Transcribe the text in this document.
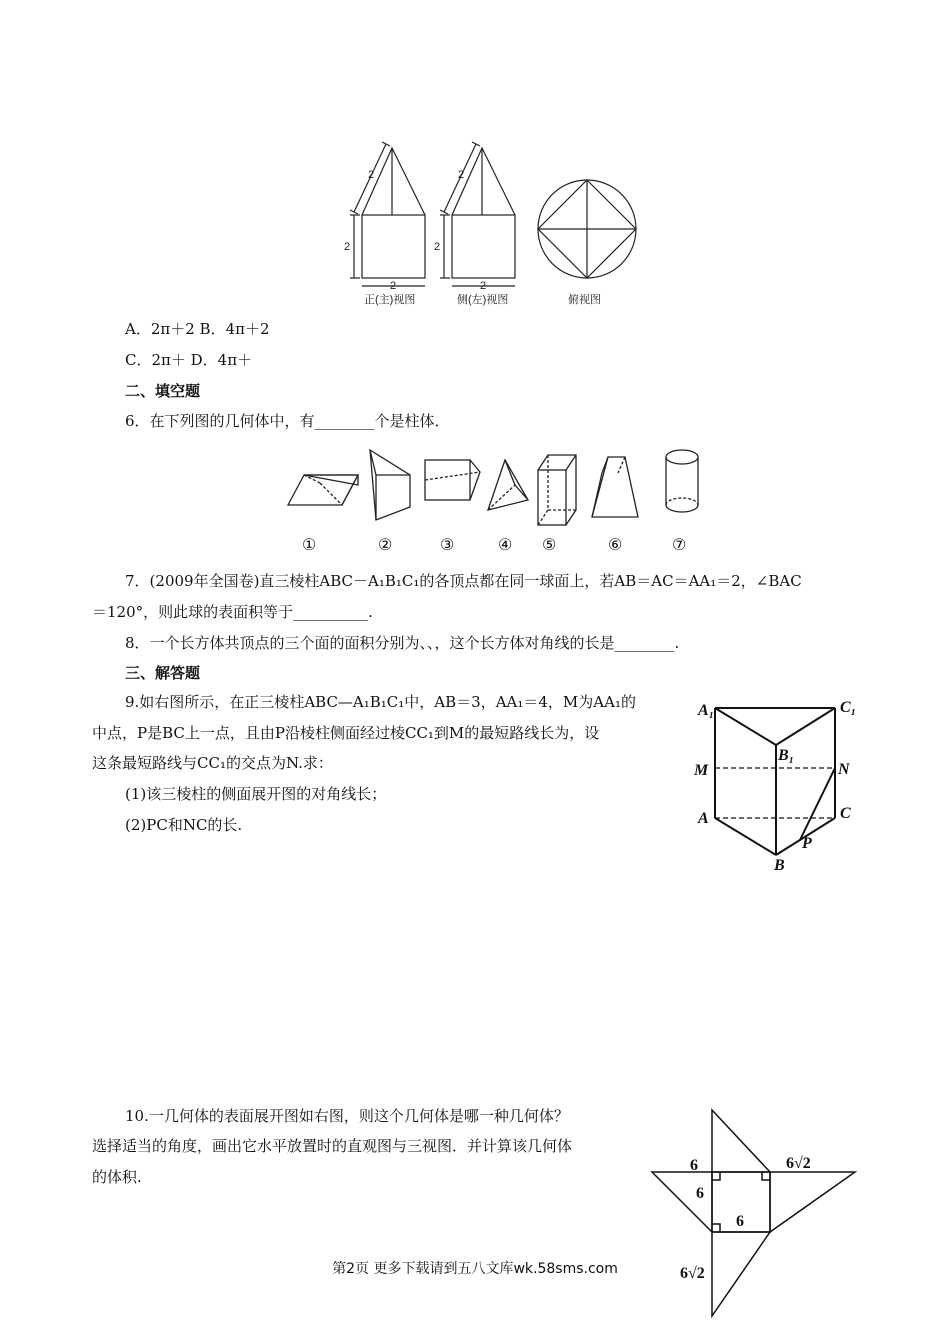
2
2
2
2
2
2
正(主)视图	侧(左)视图	俯视图
A．2π＋2 B．4π＋2
C．2π＋ D．4π＋
二、填空题
6．在下列图的几何体中，有________个是柱体．
①	②	③	④ ⑤	⑥	⑦
7．(2009年全国卷)直三棱柱ABC－A₁B₁C₁的各顶点都在同一球面上，若AB＝AC＝AA₁＝2，∠BAC
＝120°，则此球的表面积等于__________.
8．一个长方体共顶点的三个面的面积分别为、、，这个长方体对角线的长是________.
三、解答题
9.如右图所示，在正三棱柱ABC—A₁B₁C₁中，AB＝3，AA₁＝4，M为AA₁的
中点，P是BC上一点，且由P沿棱柱侧面经过棱CC₁到M的最短路线长为，设
这条最短路线与CC₁的交点为N.求：
(1)该三棱柱的侧面展开图的对角线长；
(2)PC和NC的长.
A₁	C₁
B₁
M	N
A	C
P
B
10.一几何体的表面展开图如右图，则这个几何体是哪一种几何体？
选择适当的角度，画出它水平放置时的直观图与三视图．并计算该几何体
的体积.
6
6
6
6√2
6√2
第2页 更多下载请到五八文库wk.58sms.com
